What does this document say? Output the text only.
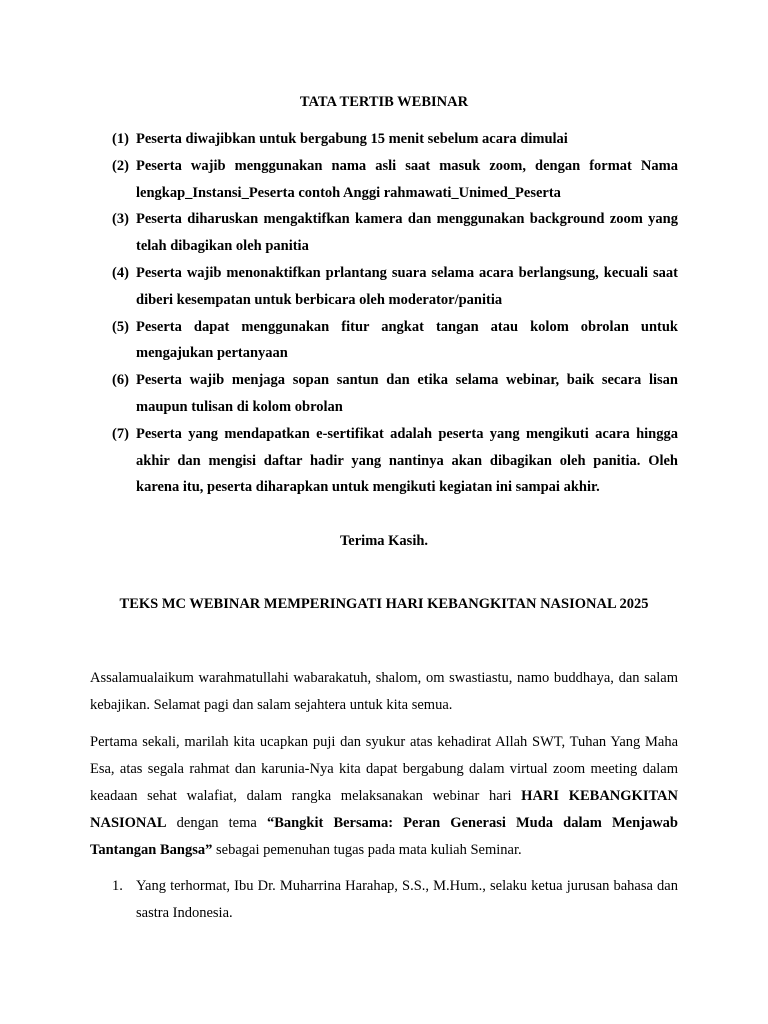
TATA TERTIB WEBINAR
(1) Peserta diwajibkan untuk bergabung 15 menit sebelum acara dimulai
(2) Peserta wajib menggunakan nama asli saat masuk zoom, dengan format Nama lengkap_Instansi_Peserta contoh Anggi rahmawati_Unimed_Peserta
(3) Peserta diharuskan mengaktifkan kamera dan menggunakan background zoom yang telah dibagikan oleh panitia
(4) Peserta wajib menonaktifkan prlantang suara selama acara berlangsung, kecuali saat diberi kesempatan untuk berbicara oleh moderator/panitia
(5) Peserta dapat menggunakan fitur angkat tangan atau kolom obrolan untuk mengajukan pertanyaan
(6) Peserta wajib menjaga sopan santun dan etika selama webinar, baik secara lisan maupun tulisan di kolom obrolan
(7) Peserta yang mendapatkan e-sertifikat adalah peserta yang mengikuti acara hingga akhir dan mengisi daftar hadir yang nantinya akan dibagikan oleh panitia. Oleh karena itu, peserta diharapkan untuk mengikuti kegiatan ini sampai akhir.
Terima Kasih.
TEKS MC WEBINAR MEMPERINGATI HARI KEBANGKITAN NASIONAL 2025

Assalamualaikum warahmatullahi wabarakatuh, shalom, om swastiastu, namo buddhaya, dan salam kebajikan. Selamat pagi dan salam sejahtera untuk kita semua.

Pertama sekali, marilah kita ucapkan puji dan syukur atas kehadirat Allah SWT, Tuhan Yang Maha Esa, atas segala rahmat dan karunia-Nya kita dapat bergabung dalam virtual zoom meeting dalam keadaan sehat walafiat, dalam rangka melaksanakan webinar hari HARI KEBANGKITAN NASIONAL dengan tema “Bangkit Bersama: Peran Generasi Muda dalam Menjawab Tantangan Bangsa” sebagai pemenuhan tugas pada mata kuliah Seminar.

1. Yang terhormat, Ibu Dr. Muharrina Harahap, S.S., M.Hum., selaku ketua jurusan bahasa dan sastra Indonesia.
